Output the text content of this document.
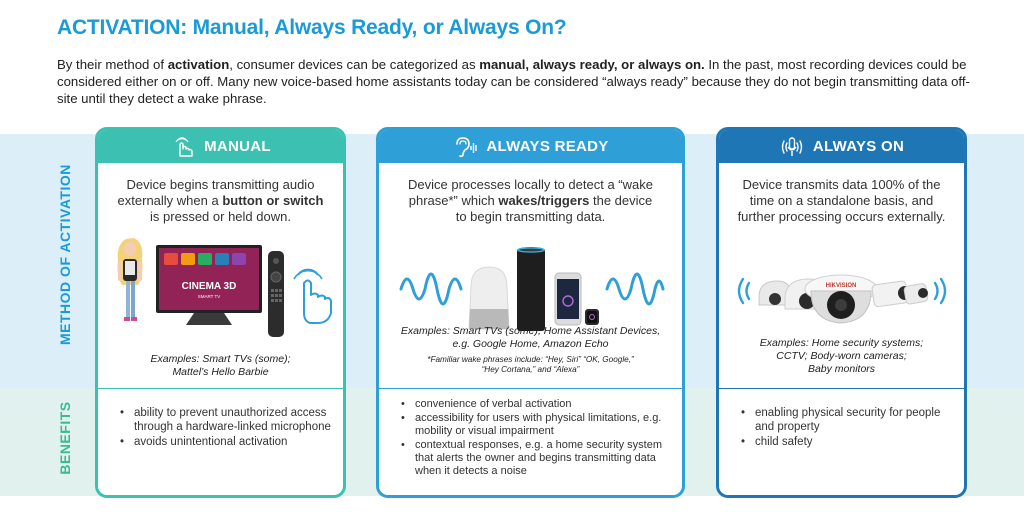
ACTIVATION: Manual, Always Ready, or Always On?
By their method of activation, consumer devices can be categorized as manual, always ready, or always on. In the past, most recording devices could be considered either on or off. Many new voice-based home assistants today can be considered “always ready” because they do not begin transmitting data off-site until they detect a wake phrase.
METHOD OF ACTIVATION
BENEFITS
MANUAL
Device begins transmitting audio externally when a button or switch is pressed or held down.
CINEMA 3D
SMART TV
Examples: Smart TVs (some);
Mattel’s Hello Barbie
• ability to prevent unauthorized access through a hardware-linked microphone
• avoids unintentional activation
ALWAYS READY
Device processes locally to detect a “wake phrase*” which wakes/triggers the device to begin transmitting data.
Examples: Smart TVs (some); Home Assistant Devices,
e.g. Google Home, Amazon Echo
*Familiar wake phrases include: “Hey, Siri” “OK, Google,”
“Hey Cortana,” and “Alexa”
• convenience of verbal activation
• accessibility for users with physical limitations, e.g. mobility or visual impairment
• contextual responses, e.g. a home security system that alerts the owner and begins transmitting data when it detects a noise
ALWAYS ON
Device transmits data 100% of the time on a standalone basis, and further processing occurs externally.
HIKVISION
Examples: Home security systems;
CCTV; Body-worn cameras;
Baby monitors
• enabling physical security for people and property
• child safety
